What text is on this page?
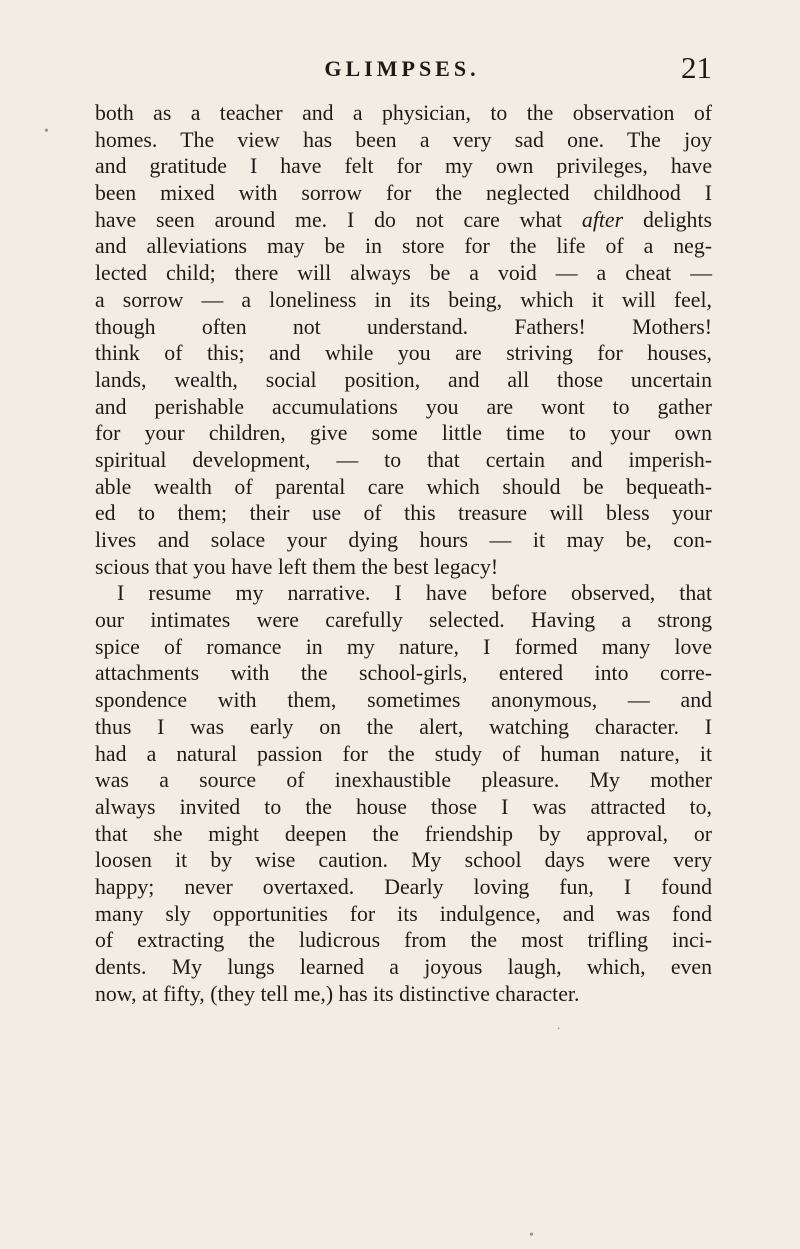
GLIMPSES.	21
both as a teacher and a physician, to the observation of
homes. The view has been a very sad one. The joy
and gratitude I have felt for my own privileges, have
been mixed with sorrow for the neglected childhood I
have seen around me. I do not care what after delights
and alleviations may be in store for the life of a neg-
lected child; there will always be a void — a cheat —
a sorrow — a loneliness in its being, which it will feel,
though often not understand. Fathers! Mothers!
think of this; and while you are striving for houses,
lands, wealth, social position, and all those uncertain
and perishable accumulations you are wont to gather
for your children, give some little time to your own
spiritual development, — to that certain and imperish-
able wealth of parental care which should be bequeath-
ed to them; their use of this treasure will bless your
lives and solace your dying hours — it may be, con-
scious that you have left them the best legacy!
I resume my narrative. I have before observed, that
our intimates were carefully selected. Having a strong
spice of romance in my nature, I formed many love
attachments with the school-girls, entered into corre-
spondence with them, sometimes anonymous, — and
thus I was early on the alert, watching character. I
had a natural passion for the study of human nature, it
was a source of inexhaustible pleasure. My mother
always invited to the house those I was attracted to,
that she might deepen the friendship by approval, or
loosen it by wise caution. My school days were very
happy; never overtaxed. Dearly loving fun, I found
many sly opportunities for its indulgence, and was fond
of extracting the ludicrous from the most trifling inci-
dents. My lungs learned a joyous laugh, which, even
now, at fifty, (they tell me,) has its distinctive character.
•
.
•
